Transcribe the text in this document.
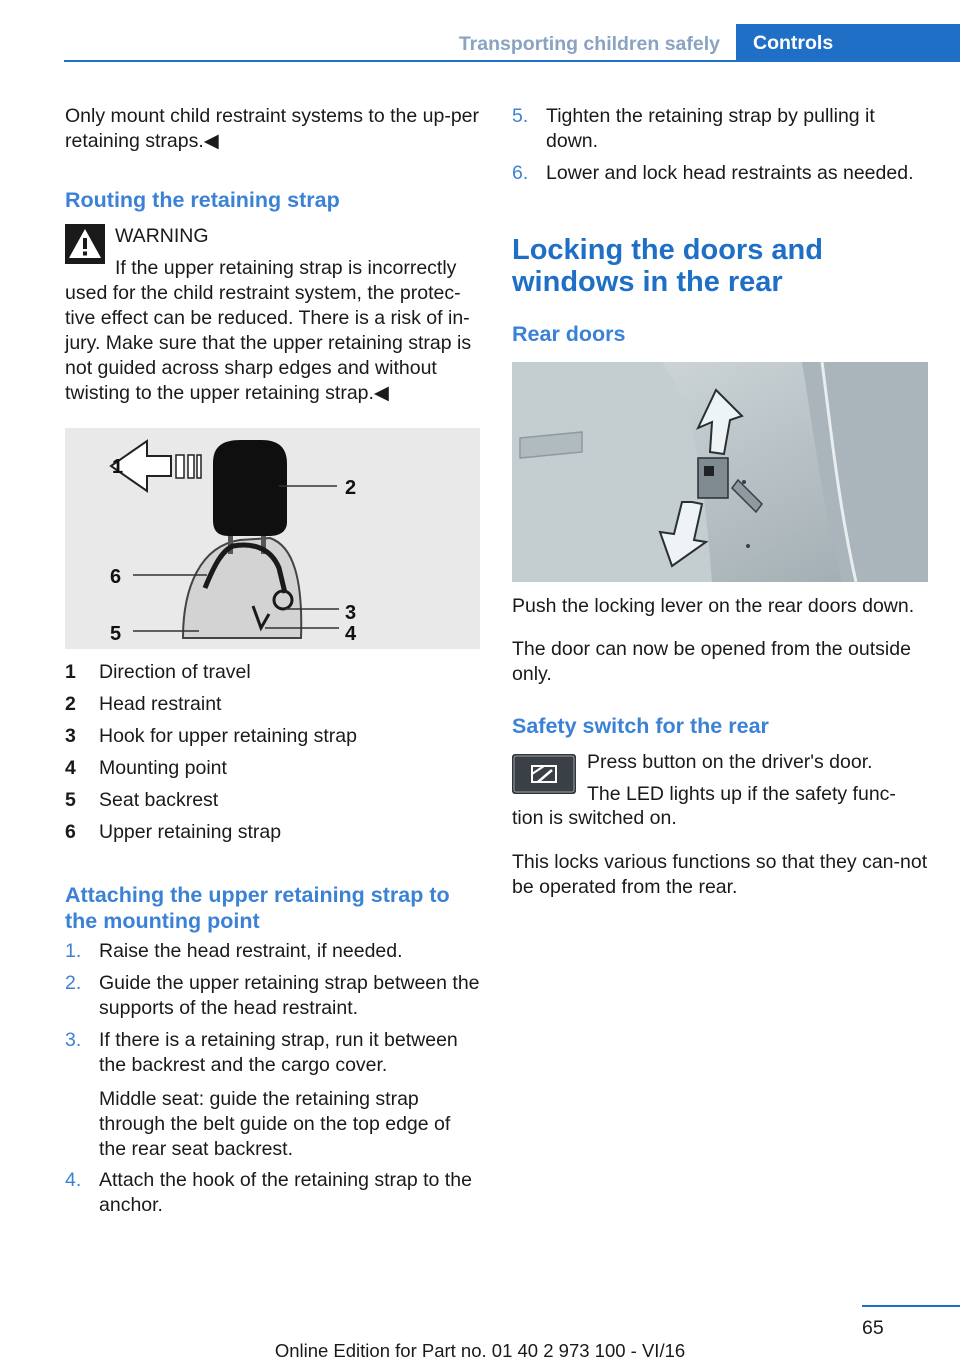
Transporting children safely	Controls

Only mount child restraint systems to the up-per retaining straps.◀

Routing the retaining strap
WARNING
If the upper retaining strap is incorrectly
used for the child restraint system, the protec-tive effect can be reduced. There is a risk of in-jury. Make sure that the upper retaining strap is not guided across sharp edges and without twisting to the upper retaining strap.◀
1
2
3
4
5
6
1 Direction of travel
2 Head restraint
3 Hook for upper retaining strap
4 Mounting point
5 Seat backrest
6 Upper retaining strap
Attaching the upper retaining strap to the mounting point
1. Raise the head restraint, if needed.
2. Guide the upper retaining strap between the supports of the head restraint.
3. If there is a retaining strap, run it between the backrest and the cargo cover.
Middle seat: guide the retaining strap through the belt guide on the top edge of the rear seat backrest.
4. Attach the hook of the retaining strap to the anchor.
5. Tighten the retaining strap by pulling it down.
6. Lower and lock head restraints as needed.
Locking the doors and windows in the rear
Rear doors
Push the locking lever on the rear doors down.
The door can now be opened from the outside only.
Safety switch for the rear
Press button on the driver's door.
The LED lights up if the safety func-
tion is switched on.
This locks various functions so that they can-not be operated from the rear.
65
Online Edition for Part no. 01 40 2 973 100 - VI/16
